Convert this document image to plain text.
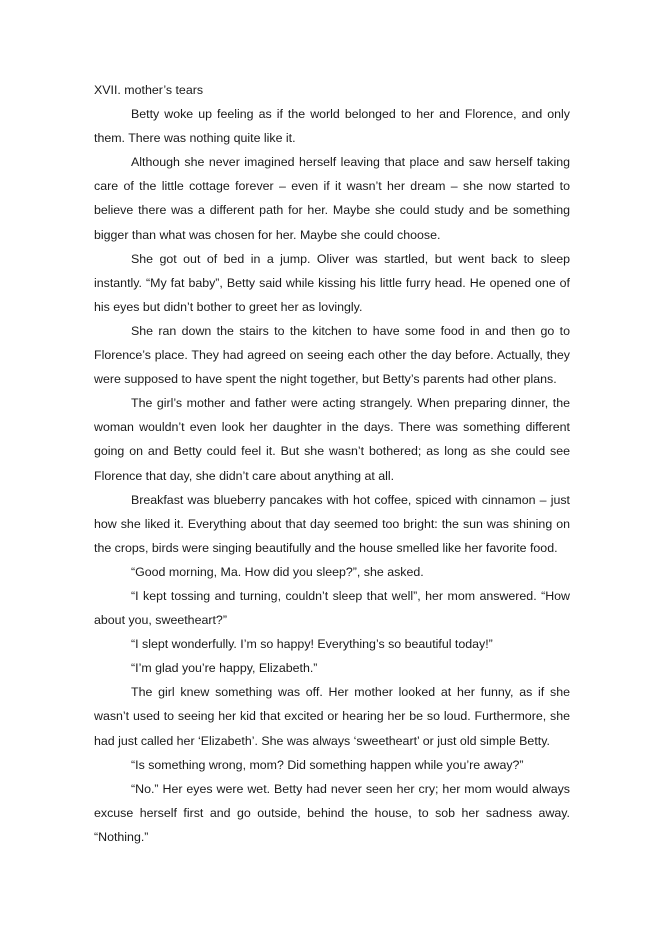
XVII. mother’s tears

Betty woke up feeling as if the world belonged to her and Florence, and only them. There was nothing quite like it.

Although she never imagined herself leaving that place and saw herself taking care of the little cottage forever – even if it wasn’t her dream – she now started to believe there was a different path for her. Maybe she could study and be something bigger than what was chosen for her. Maybe she could choose.

She got out of bed in a jump. Oliver was startled, but went back to sleep instantly. “My fat baby”, Betty said while kissing his little furry head. He opened one of his eyes but didn’t bother to greet her as lovingly.

She ran down the stairs to the kitchen to have some food in and then go to Florence’s place. They had agreed on seeing each other the day before. Actually, they were supposed to have spent the night together, but Betty’s parents had other plans.

The girl’s mother and father were acting strangely. When preparing dinner, the woman wouldn’t even look her daughter in the days. There was something different going on and Betty could feel it. But she wasn’t bothered; as long as she could see Florence that day, she didn’t care about anything at all.

Breakfast was blueberry pancakes with hot coffee, spiced with cinnamon – just how she liked it. Everything about that day seemed too bright: the sun was shining on the crops, birds were singing beautifully and the house smelled like her favorite food.

“Good morning, Ma. How did you sleep?”, she asked.

“I kept tossing and turning, couldn’t sleep that well”, her mom answered. “How about you, sweetheart?”

“I slept wonderfully. I’m so happy! Everything’s so beautiful today!”

“I’m glad you’re happy, Elizabeth.”

The girl knew something was off. Her mother looked at her funny, as if she wasn’t used to seeing her kid that excited or hearing her be so loud. Furthermore, she had just called her ‘Elizabeth’. She was always ‘sweetheart’ or just old simple Betty.

“Is something wrong, mom? Did something happen while you’re away?”

“No.” Her eyes were wet. Betty had never seen her cry; her mom would always excuse herself first and go outside, behind the house, to sob her sadness away. “Nothing.”
